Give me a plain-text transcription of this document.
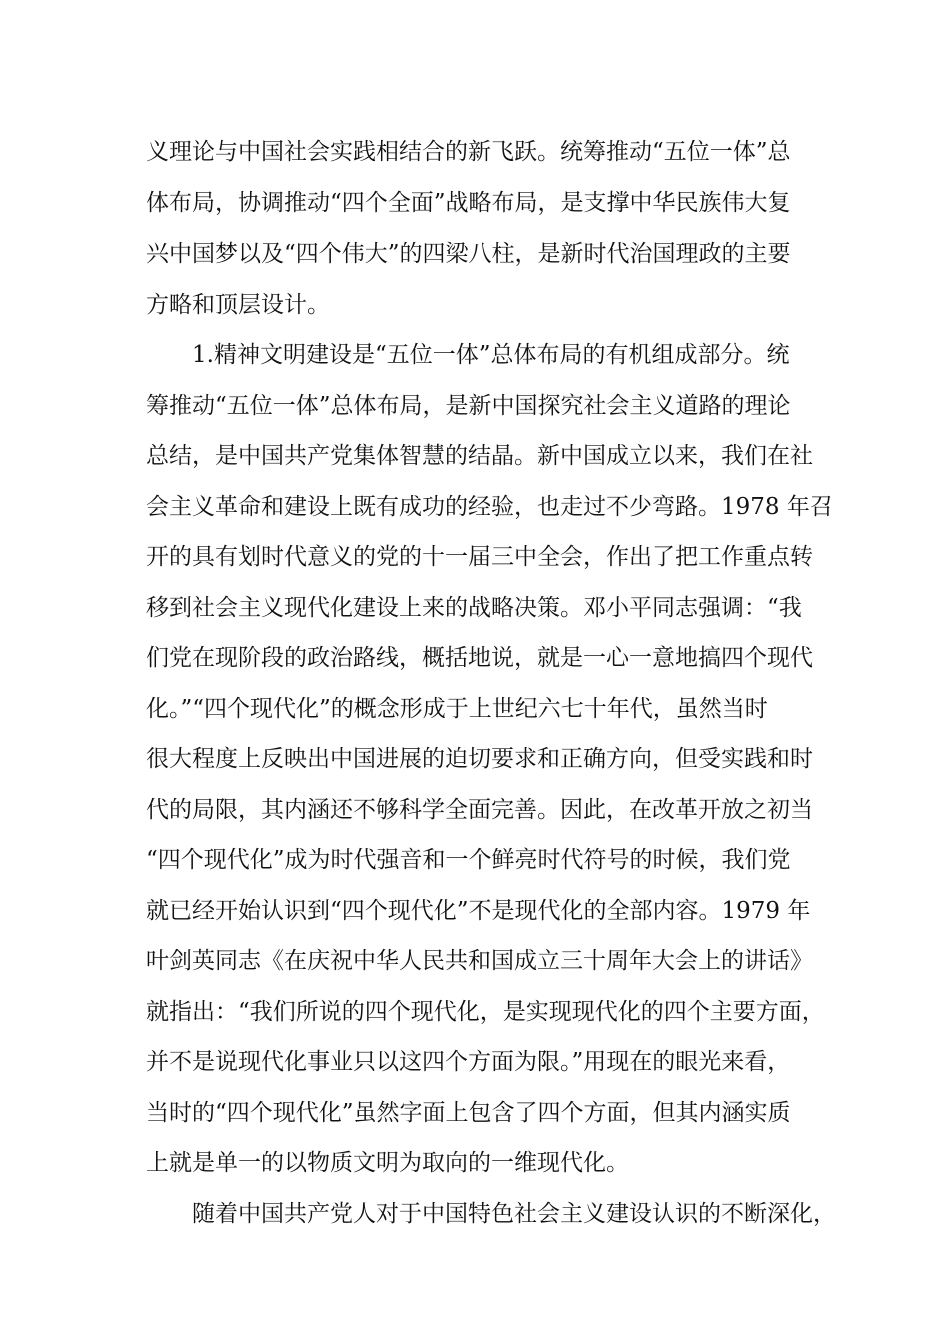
义理论与中国社会实践相结合的新飞跃。统筹推动“五位一体”总
体布局，协调推动“四个全面”战略布局，是支撑中华民族伟大复
兴中国梦以及“四个伟大”的四梁八柱，是新时代治国理政的主要
方略和顶层设计。
1.精神文明建设是“五位一体”总体布局的有机组成部分。统
筹推动“五位一体”总体布局，是新中国探究社会主义道路的理论
总结，是中国共产党集体智慧的结晶。新中国成立以来，我们在社
会主义革命和建设上既有成功的经验，也走过不少弯路。1978 年召
开的具有划时代意义的党的十一届三中全会，作出了把工作重点转
移到社会主义现代化建设上来的战略决策。邓小平同志强调：“我
们党在现阶段的政治路线，概括地说，就是一心一意地搞四个现代
化。”“四个现代化”的概念形成于上世纪六七十年代，虽然当时
很大程度上反映出中国进展的迫切要求和正确方向，但受实践和时
代的局限，其内涵还不够科学全面完善。因此，在改革开放之初当
“四个现代化”成为时代强音和一个鲜亮时代符号的时候，我们党
就已经开始认识到“四个现代化”不是现代化的全部内容。1979 年
叶剑英同志《在庆祝中华人民共和国成立三十周年大会上的讲话》
就指出：“我们所说的四个现代化，是实现现代化的四个主要方面，
并不是说现代化事业只以这四个方面为限。”用现在的眼光来看，
当时的“四个现代化”虽然字面上包含了四个方面，但其内涵实质
上就是单一的以物质文明为取向的一维现代化。
随着中国共产党人对于中国特色社会主义建设认识的不断深化，
